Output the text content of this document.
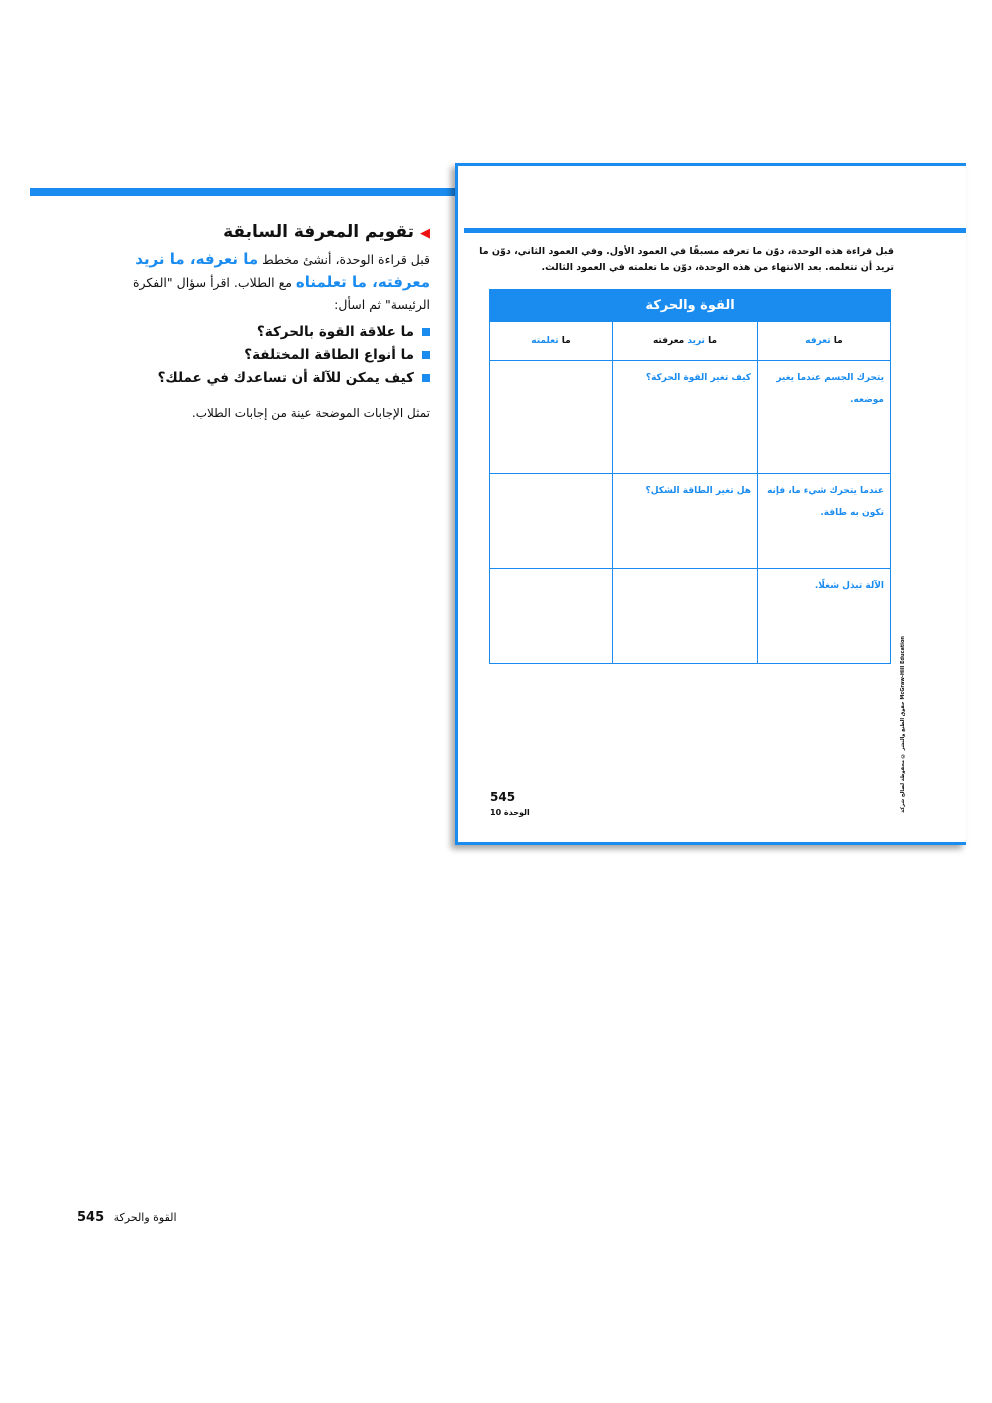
◀تقويم المعرفة السابقة

قبل قراءة الوحدة، أنشئ مخطط ما نعرفه، ما نريد معرفته، ما تعلمناه مع الطلاب. اقرأ سؤال "الفكرة الرئيسة" ثم اسأل:

ما علاقة القوة بالحركة؟
ما أنواع الطاقة المختلفة؟
كيف يمكن للآلة أن تساعدك في عملك؟
تمثل الإجابات الموضحة عينة من إجابات الطلاب.
قبل قراءة هذه الوحدة، دوّن ما تعرفه مسبقًا في العمود الأول. وفي العمود الثاني، دوّن ما تريد أن تتعلمه. بعد الانتهاء من هذه الوحدة، دوّن ما تعلمته في العمود الثالث.
القوة والحركة		
ما تعرفه	ما تريد معرفته	ما تعلمته
يتحرك الجسم عندما يغير موضعه.	كيف تغير القوة الحركة؟	
عندما يتحرك شيء ما، فإنه تكون به طاقة.	هل تغير الطاقة الشكل؟	
الآلة تبذل شغلًا.		
545
الوحدة 10	حقوق الطبع والنشر © محفوظة لصالح شركة McGraw-Hill Education
545 القوة والحركة
